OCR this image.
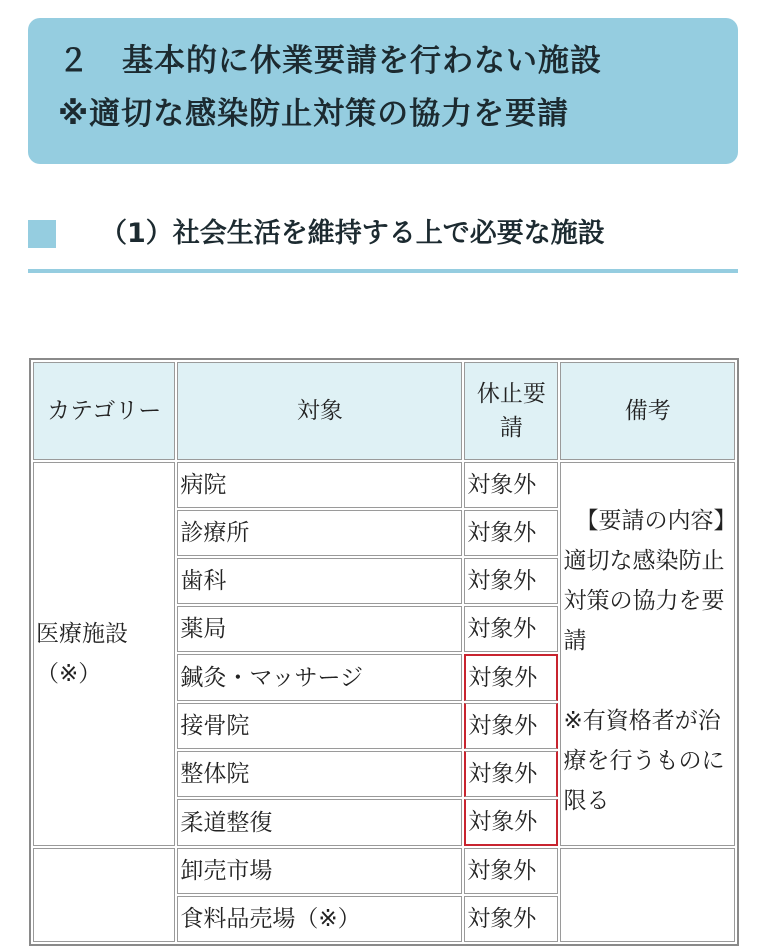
２　基本的に休業要請を行わない施設
※適切な感染防止対策の協力を要請
（1）社会生活を維持する上で必要な施設
カテゴリー	対象	休止要請	備考
医療施設（※）	病院	対象外	【要請の内容】
適切な感染防止対策の協力を要請
※有資格者が治療を行うものに限る

	診療所	対象外	
	歯科	対象外	
	薬局	対象外	
	鍼灸・マッサージ	対象外	
	接骨院	対象外	
	整体院	対象外	
	柔道整復	対象外	
	卸売市場	対象外	
	食料品売場（※）	対象外	
